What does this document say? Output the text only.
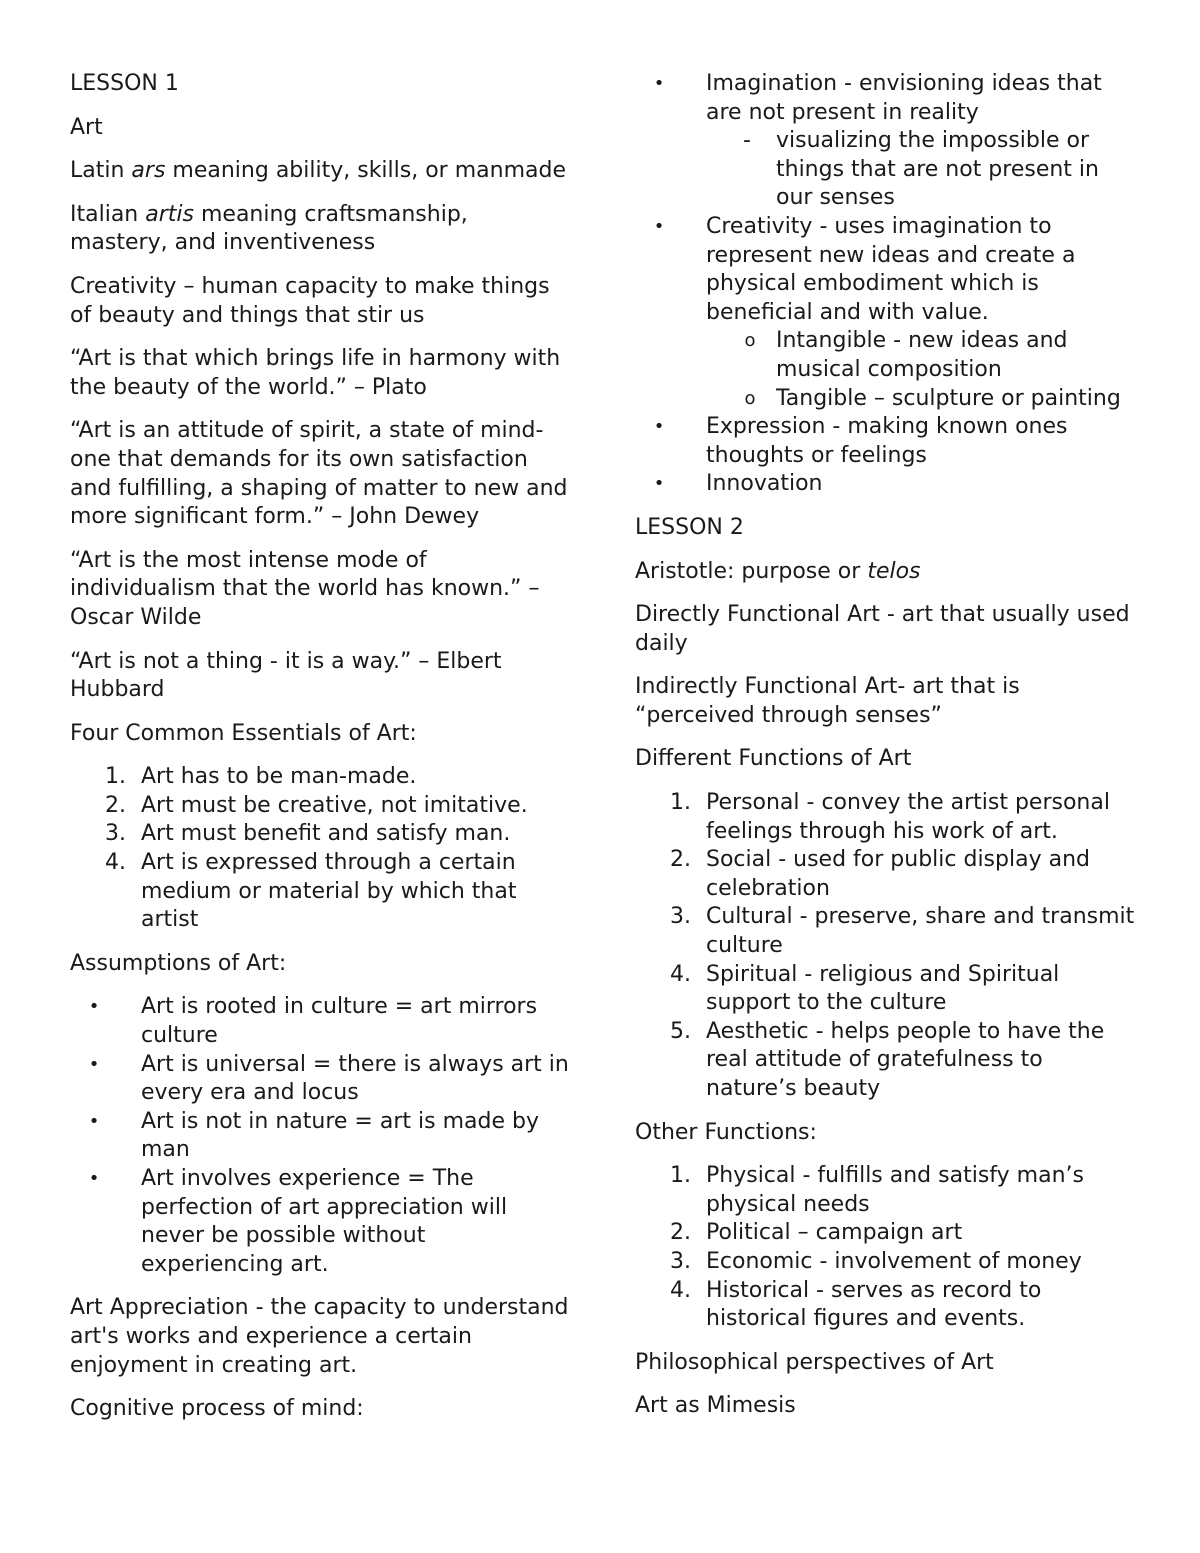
LESSON 1

Art

Latin ars meaning ability, skills, or manmade

Italian artis meaning craftsmanship, mastery, and inventiveness

Creativity – human capacity to make things of beauty and things that stir us

“Art is that which brings life in harmony with the beauty of the world.” – Plato

“Art is an attitude of spirit, a state of mind-one that demands for its own satisfaction and fulfilling, a shaping of matter to new and more significant form.” – John Dewey

“Art is the most intense mode of individualism that the world has known.” – Oscar Wilde

“Art is not a thing - it is a way.” – Elbert Hubbard

Four Common Essentials of Art:

1. Art has to be man-made.
2. Art must be creative, not imitative.
3. Art must benefit and satisfy man.
4. Art is expressed through a certain medium or material by which that artist

Assumptions of Art:

•	Art is rooted in culture = art mirrors culture
•	Art is universal = there is always art in every era and locus
•	Art is not in nature = art is made by man
•	Art involves experience = The perfection of art appreciation will never be possible without experiencing art.

Art Appreciation - the capacity to understand art's works and experience a certain enjoyment in creating art.

Cognitive process of mind:

•	Imagination - envisioning ideas that are not present in reality
-	visualizing the impossible or things that are not present in our senses
•	Creativity - uses imagination to represent new ideas and create a physical embodiment which is beneficial and with value.
o Intangible - new ideas and musical composition
o Tangible – sculpture or painting
•	Expression - making known ones thoughts or feelings
•	Innovation

LESSON 2

Aristotle: purpose or telos

Directly Functional Art - art that usually used daily

Indirectly Functional Art- art that is “perceived through senses”

Different Functions of Art

1. Personal - convey the artist personal feelings through his work of art.
2. Social - used for public display and celebration
3. Cultural - preserve, share and transmit culture
4. Spiritual - religious and Spiritual support to the culture
5. Aesthetic - helps people to have the real attitude of gratefulness to nature’s beauty

Other Functions:

1. Physical - fulfills and satisfy man’s physical needs
2. Political – campaign art
3. Economic - involvement of money
4. Historical - serves as record to historical figures and events.

Philosophical perspectives of Art

Art as Mimesis
